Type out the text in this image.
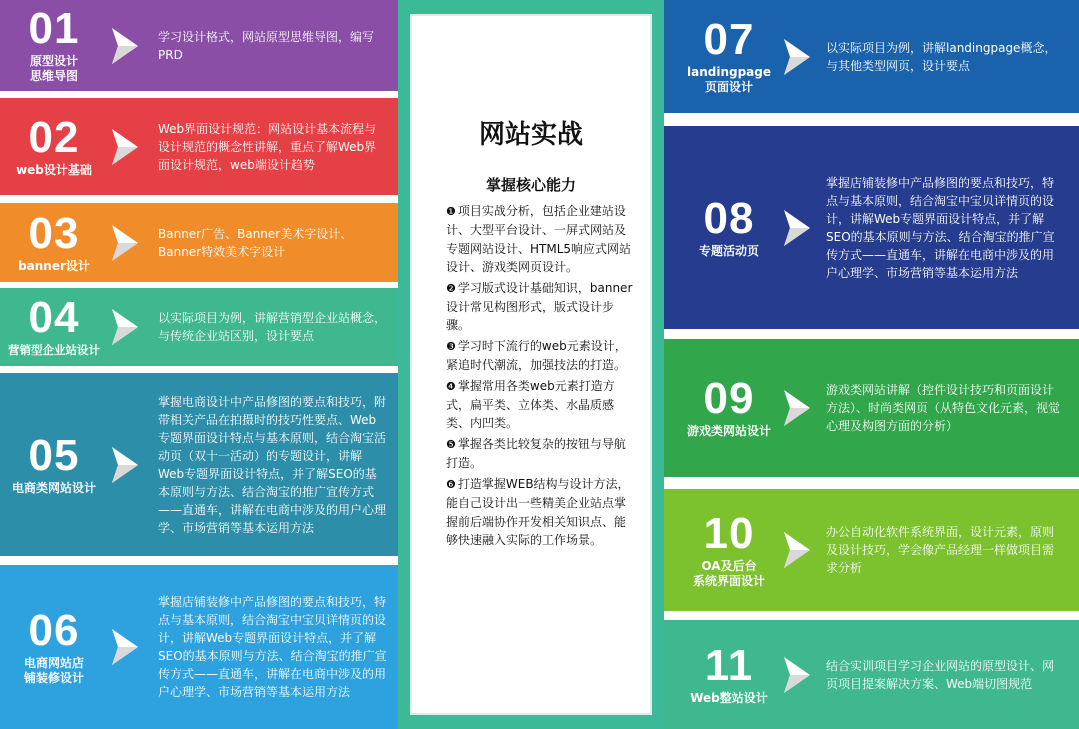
01
原型设计
思维导图
学习设计格式，网站原型思维导图，编写PRD
02
web设计基础
Web界面设计规范：网站设计基本流程与设计规范的概念性讲解，重点了解Web界面设计规范，web端设计趋势
03
banner设计
Banner广告、Banner美术字设计、Banner特效美术字设计
04
营销型企业站设计
以实际项目为例，讲解营销型企业站概念，与传统企业站区别，设计要点
05
电商类网站设计
掌握电商设计中产品修图的要点和技巧，附带相关产品在拍摄时的技巧性要点、Web专题界面设计特点与基本原则，结合淘宝活动页（双十一活动）的专题设计，讲解Web专题界面设计特点，并了解SEO的基本原则与方法、结合淘宝的推广宣传方式——直通车，讲解在电商中涉及的用户心理学、市场营销等基本运用方法
06
电商网站店
铺装修设计
掌握店铺装修中产品修图的要点和技巧，特点与基本原则，结合淘宝中宝贝详情页的设计，讲解Web专题界面设计特点，并了解SEO的基本原则与方法、结合淘宝的推广宣传方式——直通车，讲解在电商中涉及的用户心理学、市场营销等基本运用方法
网站实战
掌握核心能力
❶ 项目实战分析，包括企业建站设计、大型平台设计、一屏式网站及专题网站设计、HTML5响应式网站设计、游戏类网页设计。
❷ 学习版式设计基础知识，banner设计常见构图形式，版式设计步骤。
❸ 学习时下流行的web元素设计，紧追时代潮流，加强技法的打造。
❹ 掌握常用各类web元素打造方式，扁平类、立体类、水晶质感类、内凹类。
❺ 掌握各类比较复杂的按钮与导航打造。
❻ 打造掌握WEB结构与设计方法，能自己设计出一些精美企业站点掌握前后端协作开发相关知识点、能够快速融入实际的工作场景。
07
landingpage
页面设计
以实际项目为例，讲解landingpage概念，与其他类型网页，设计要点
08
专题活动页
掌握店铺装修中产品修图的要点和技巧，特点与基本原则，结合淘宝中宝贝详情页的设计，讲解Web专题界面设计特点，并了解SEO的基本原则与方法、结合淘宝的推广宣传方式——直通车，讲解在电商中涉及的用户心理学、市场营销等基本运用方法
09
游戏类网站设计
游戏类网站讲解（控件设计技巧和页面设计方法）、时尚类网页（从特色文化元素，视觉心理及构图方面的分析）
10
OA及后台
系统界面设计
办公自动化软件系统界面，设计元素，原则及设计技巧，学会像产品经理一样做项目需求分析
11
Web整站设计
结合实训项目学习企业网站的原型设计、网页项目提案解决方案、Web端切图规范
